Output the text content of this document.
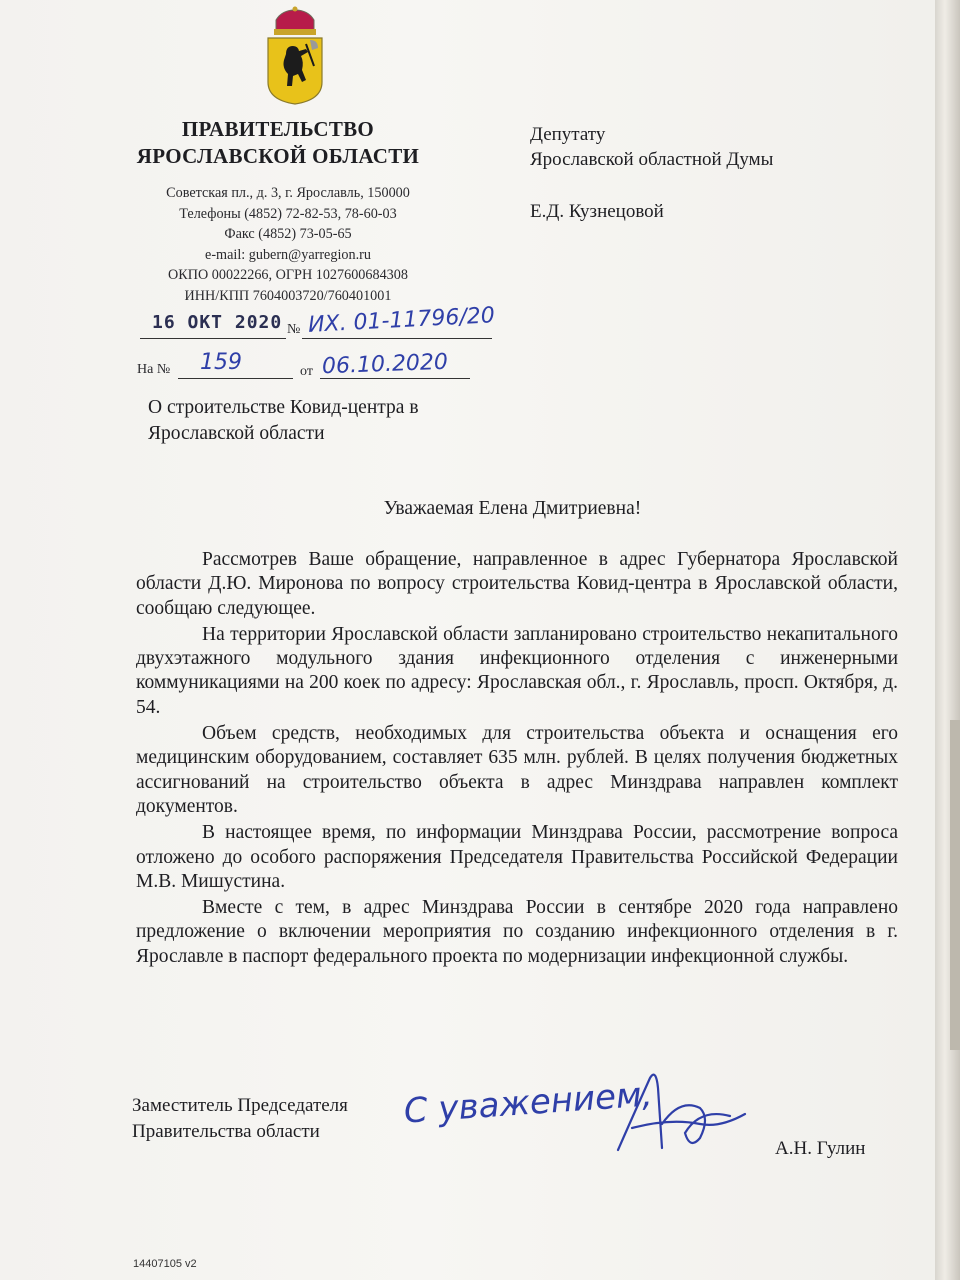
ПРАВИТЕЛЬСТВО
ЯРОСЛАВСКОЙ ОБЛАСТИ
Советская пл., д. 3, г. Ярославль, 150000
Телефоны (4852) 72-82-53, 78-60-03
Факс (4852) 73-05-65
e-mail: gubern@yarregion.ru
ОКПО 00022266, ОГРН 1027600684308
ИНН/КПП 7604003720/760401001
Депутату
Ярославской областной Думы
Е.Д. Кузнецовой
16 ОКТ 2020 № ИХ. 01-11796/20
На № 159	от 06.10.2020
О строительстве Ковид-центра в
Ярославской области
Уважаемая Елена Дмитриевна!

Рассмотрев Ваше обращение, направленное в адрес Губернатора Ярославской области Д.Ю. Миронова по вопросу строительства Ковид-центра в Ярославской области, сообщаю следующее.

На территории Ярославской области запланировано строительство некапитального двухэтажного модульного здания инфекционного отделения с инженерными коммуникациями на 200 коек по адресу: Ярославская обл., г. Ярославль, просп. Октября, д. 54.

Объем средств, необходимых для строительства объекта и оснащения его медицинским оборудованием, составляет 635 млн. рублей. В целях получения бюджетных ассигнований на строительство объекта в адрес Минздрава направлен комплект документов.

В настоящее время, по информации Минздрава России, рассмотрение вопроса отложено до особого распоряжения Председателя Правительства Российской Федерации М.В. Мишустина.

Вместе с тем, в адрес Минздрава России в сентябре 2020 года направлено предложение о включении мероприятия по созданию инфекционного отделения в г. Ярославле в паспорт федерального проекта по модернизации инфекционной службы.

Заместитель Председателя
Правительства области	С уважением,
А.Н. Гулин
14407105 v2
